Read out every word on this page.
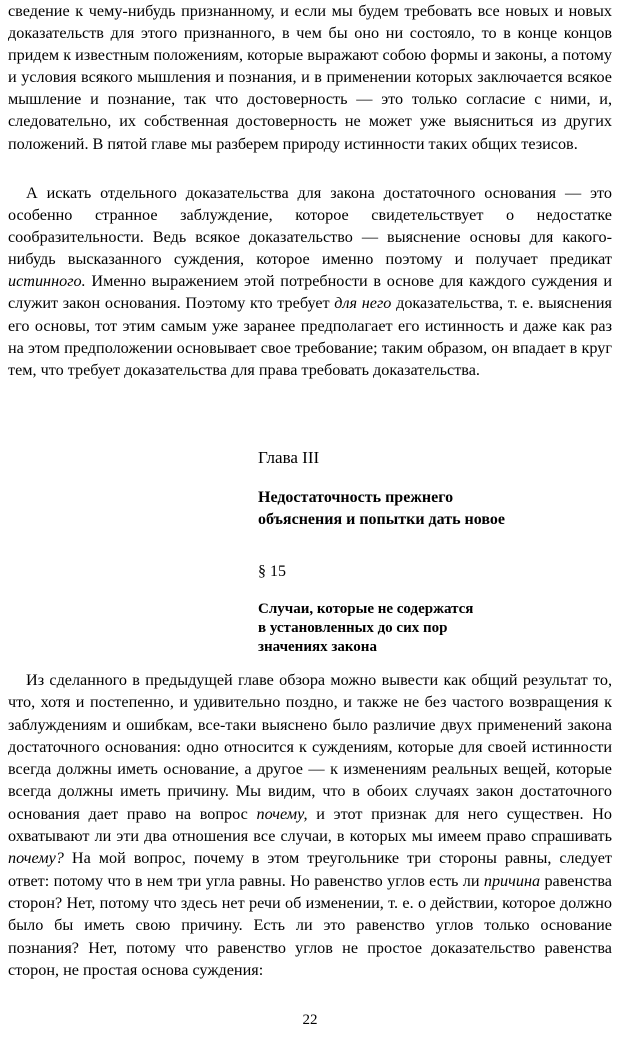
сведение к чему-нибудь признанному, и если мы будем требовать все новых и новых доказательств для этого признанного, в чем бы оно ни состояло, то в конце концов придем к известным положениям, которые выражают собою формы и законы, а потому и условия всякого мышления и познания, и в применении которых заключается всякое мышление и познание, так что достоверность — это только согласие с ними, и, следовательно, их собственная достоверность не может уже выясниться из других положений. В пятой главе мы разберем природу истинности таких общих тезисов.

А искать отдельного доказательства для закона достаточного основания — это особенно странное заблуждение, которое свидетельствует о недостатке сообразительности. Ведь всякое доказательство — выяснение основы для какого-нибудь высказанного суждения, которое именно поэтому и получает предикат истинного. Именно выражением этой потребности в основе для каждого суждения и служит закон основания. Поэтому кто требует для него доказательства, т. е. выяснения его основы, тот этим самым уже заранее предполагает его истинность и даже как раз на этом предположении основывает свое требование; таким образом, он впадает в круг тем, что требует доказательства для права требовать доказательства.

Глава III
Недостаточность прежнего
объяснения и попытки дать новое
§ 15
Случаи, которые не содержатся
в установленных до сих пор
значениях закона

Из сделанного в предыдущей главе обзора можно вывести как общий результат то, что, хотя и постепенно, и удивительно поздно, и также не без частого возвращения к заблуждениям и ошибкам, все-таки выяснено было различие двух применений закона достаточного основания: одно относится к суждениям, которые для своей истинности всегда должны иметь основание, а другое — к изменениям реальных вещей, которые всегда должны иметь причину. Мы видим, что в обоих случаях закон достаточного основания дает право на вопрос почему, и этот признак для него существен. Но охватывают ли эти два отношения все случаи, в которых мы имеем право спрашивать почему? На мой вопрос, почему в этом треугольнике три стороны равны, следует ответ: потому что в нем три угла равны. Но равенство углов есть ли причина равенства сторон? Нет, потому что здесь нет речи об изменении, т. е. о действии, которое должно было бы иметь свою причину. Есть ли это равенство углов только основание познания? Нет, потому что равенство углов не простое доказательство равенства сторон, не простая основа суждения:

22
